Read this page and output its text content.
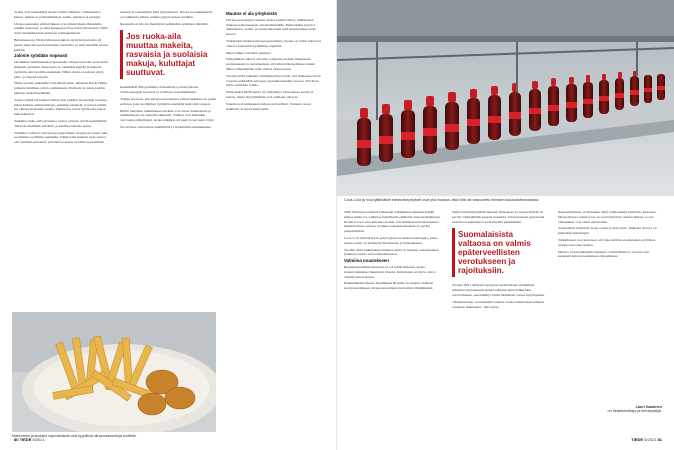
ruokia ovat esimerkiksi monet tutilset läkkeitä, valmisateriat, kekset, maksu-ut ja lihaleikkeleet, kakut, pizzakat ja pastojat.

Ultraprosessoidut elintarvikkeet ovat elintarviketeollisuudelle erittäin tuottoisia, ja siksi kauppojen oissa nöitä yhä maassa. Niitä myös markkinoidaan erityisen voimaperäisesti.

Britanniassa ja Yhdysvalloissa kaikista syödyistä kalorista yli puolet tulee ultraprosessoiduista tuotteista, ja muu maailma seuraa perässä.

Jaloste syödään nopeasti

Uusimman tutkimustiedon perusteella ultraprosessoitu ruoka lisää ihmisten syömistä. Kun ruoka on valmiiksi kypsää ja helposti syötävää, sitä syödään enemmän. Nälkä, mutta ei-sairaan sävyt, pallo- ja tarjous-tarjolla.

Viime vuonna julkaistiin Cell Metabolism -lehdessä Kevin Hallin johtama tutkimus, johon osallistuneet 20 miestä ja naista jaettiin kahteen ruokailuryhmään.

Toisen ryhmä söi kahden viikon ajan pitkälle jalostettuja tuotteita, kuten kaikkia aamiaismuroja, pakattuja eineksiä, ja toinen ryhmä söi vähän jalostettuja ruokia. Tutkittavat saivat syödä niin paljon kuin halusivat.

Tutkimus näki, että jalostettua ruokaa syöneet söivät keskimäärin 500 kcal enemmän päivässä, ja heidän painonsa nousi.

Tutkimus vahvisti, että ultraprosessoidussa ruoassa on jotain, joka saa ihmiset syömään enemmän. Tutkijoiden mukaan kyse saattoi olla syömisnopeudesta: jalostettua ruokaa syödään nopeammin.

maukas ja vaaleampaa kuin jalostamaton. Ruoan koostumuksella on vaikutusta siihen, kuinka paljon ruokaa syödään.

Kuokaalta ei siis ole merkitystä pelkästään syömisen määrälle.

Jos ruoka-aila muuttaa makeita, rasvaisia ja suolaisia makuja, kuluttajat suuttuvat.

keskimäärin 900 grammaa. Painonlisäys johtui pääosin ravintoenergian kasvusta ja syömisen nopeutumisesta.

Tutkija korostaa, että ultraprosessoiduissa elintarvikkeissa on jotain sellaista, joka saa ihmiset syömään enemmän kuin olisi tarpeen.

Hallin johtaman tutkimuksen tulokset ovat olleet dramaattisia ja tutkimuksesta on uutisoitu ahkerasti. Tutkijat ovat kuitenkin varovaisia päätelmissä, koska tutkimus oli pieni ja sen kesto lyhyt.

Se tarvitsee vahvistusta pidemmiltä ja laajemmilta tutkimuksilta.

Muutos ei ala yrityksistä

Ultraprosessoitujen ruokien runsas kulutus liittyy tutkimusten mukaan kohonneeseen sairastumisriskiin. Esimerkiksi tyypin 2 diabeteksen, sydän- ja verisuonitautien sekä masennuksen riski kasvaa.

Tutkijoiden mukaan ultraprosessoidusta ruoasta on tullut vakavasti otettava kansanterveydellinen ongelma.

Miten siihen voitaisiin puuttua?

Nykyihmiset alkavat olla niin tottuneita ruokien makeuteen, suolaisuuteen ja rasvaisuuteen, että elintarviketeollisuus tuskin lähtee vähentämään niitä omasta aloitteestaan.

Vuonna 2020 julkaistu brittiläisselvitys totesi, että muutokset eivät toteudu pelkästään yritysten vapaaehtoisuuden varassa. Tarvitaan myös poliittisia toimia.

Esimerkiksi McDonald's on vähentänyt tuotteidensa suolaa ja rasvaa, mutta myyntimäärät ovat edelleen valtavia.

Sokeriton ei kuitenkaan tarkoita terveellistä. Vastuuta ruoan sisällöstä on myös kuluttajilla.

Makeutetut ja suolatut naposteltavat ovat tyypillisiä ultraprosessoituja tuotteita.
80 TIEDE 5/2021
Coca-Cola ja muut jättimäiset elintarvikeyritykset ovat yhä mukana, eikä niitä ole vastuutettu ihmisten kulutustottumuksista.

2020 Nutrients-lehdessä julkaistun tutkimuksen mukaan pelkkä makea maku voi vaikuttaa haitallisesti elimistön aineenvaihduntaan. Koska Coca-Colan kaltaiset juomat ovat ihmisten kalorinsaannissa merkittävässä roolissa, juomien sokeripitoisuuksia on pyritty pienentämään.

Coca-Cola käyttää myös paljon glukoosi-fruktoosisiirappia, jonka runsas saanti on yhdistetty lihavuuteen ja diabetekseen.

Vuoden 2022 tutkimuksen mukaan yhtiö on lisännyt sokerittomien juomien osuutta tuotevalikoimassaan.

Valmiina muutokseen

Ruokajärjestelmän muutosta ei voi tehdä hetkessä, koska ruokatottumukset muuttuvat hitaasti. Kuluttajien on myös oltava valmiita muutokseen.

Ensimmäisenä maana maailmassa Brasilia on antanut viralliset terveyssuositukset ultraprosessoitujen tuotteiden välttämiseksi.

Saman tutkimusryhmän mukaan lisäsokerin ja suolan määrää on pyritty vähentämään kaupan tuotteista. Jalostusasteen perusteella tuotteita ei kuitenkaan vielä merkitä pakkauksiin.

Suomalaisista valtaosa on valmis epäterveellisten verotukseen ja rajoituksiin.

Vuonna 2021 tehdyssä kyselyssä suomalaisten enemmistö suhtautui myönteisesti epäterveellisten elintarvikkeiden verottamiseen. Asiantuntija Terttu Manninen vastaa kysymyksiin.

"Päätöksenteko on kuitenkin vaikeaa, koska elintarviketeollisuus vastustaa muutoksia", hän toteaa.

Kansainvälisesti on kuitenkin nähty esimerkkejä toimivista keinoista. Muun muassa sokeriveroa on otettu käyttöön useissa maissa, ja sen vaikutukset ovat olleet myönteisiä.

Suomalaiset käyttävät ruoan vuoksi paljon rahaa. Ihmisten terveys on kuitenkin tärkeämpää.

Tutkimukset ovat kertoneet, että joka kolmas suomalainen syö liikaa ultraprosessoitua ruokaa.

Muutos vaatii päättäjiltä rohkeutta. Lainsäädäntö ja verotus ovat keskeisiä keinoja kulutuksen ohjaamiseen.

Lauri Saarinen
on tiedetoimittaja ja tietokirjailija.
TIEDE 5/2021 81
